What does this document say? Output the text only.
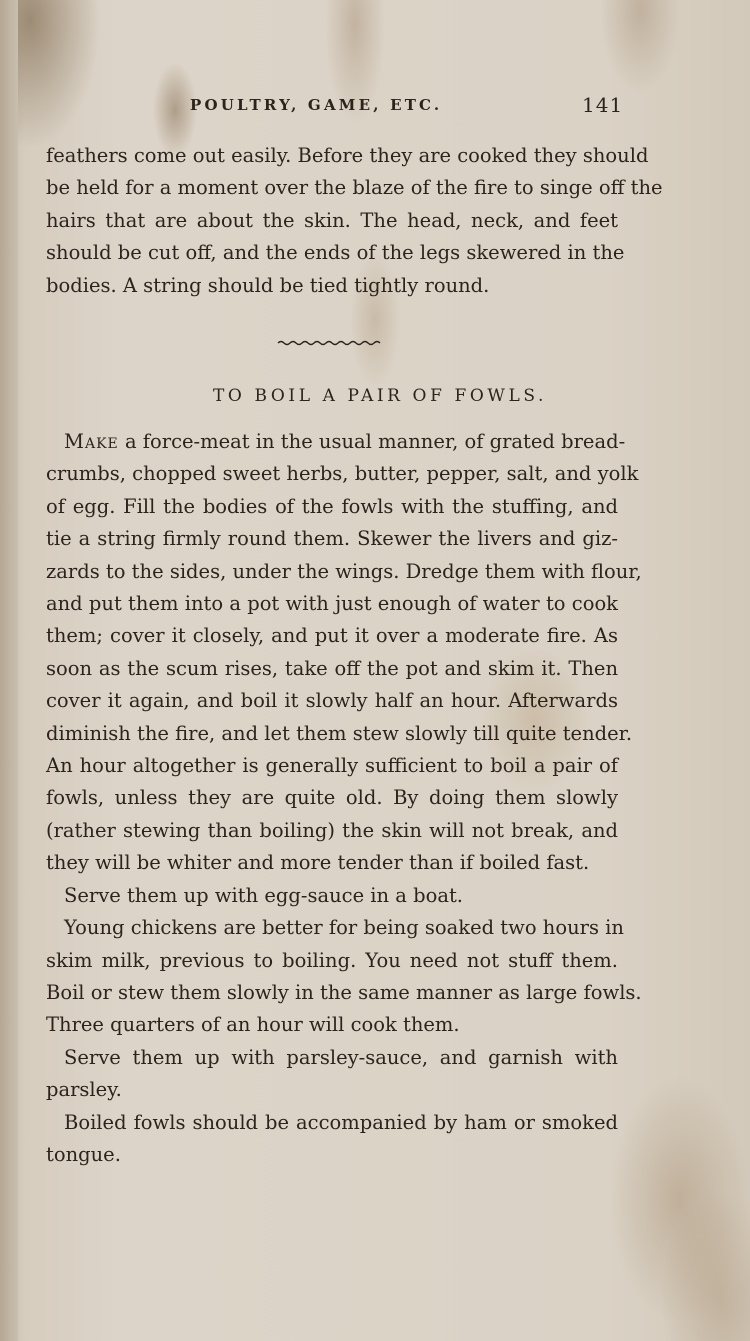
POULTRY, GAME, ETC.	141
feathers come out easily. Before they are cooked they should
be held for a moment over the blaze of the fire to singe off the
hairs that are about the skin. The head, neck, and feet
should be cut off, and the ends of the legs skewered in the
bodies. A string should be tied tightly round.
TO BOIL A PAIR OF FOWLS.
Make a force-meat in the usual manner, of grated bread-
crumbs, chopped sweet herbs, butter, pepper, salt, and yolk
of egg. Fill the bodies of the fowls with the stuffing, and
tie a string firmly round them. Skewer the livers and giz-
zards to the sides, under the wings. Dredge them with flour,
and put them into a pot with just enough of water to cook
them; cover it closely, and put it over a moderate fire. As
soon as the scum rises, take off the pot and skim it. Then
cover it again, and boil it slowly half an hour. Afterwards
diminish the fire, and let them stew slowly till quite tender.
An hour altogether is generally sufficient to boil a pair of
fowls, unless they are quite old. By doing them slowly
(rather stewing than boiling) the skin will not break, and
they will be whiter and more tender than if boiled fast.
Serve them up with egg-sauce in a boat.
Young chickens are better for being soaked two hours in
skim milk, previous to boiling. You need not stuff them.
Boil or stew them slowly in the same manner as large fowls.
Three quarters of an hour will cook them.
Serve them up with parsley-sauce, and garnish with
parsley.
Boiled fowls should be accompanied by ham or smoked
tongue.
